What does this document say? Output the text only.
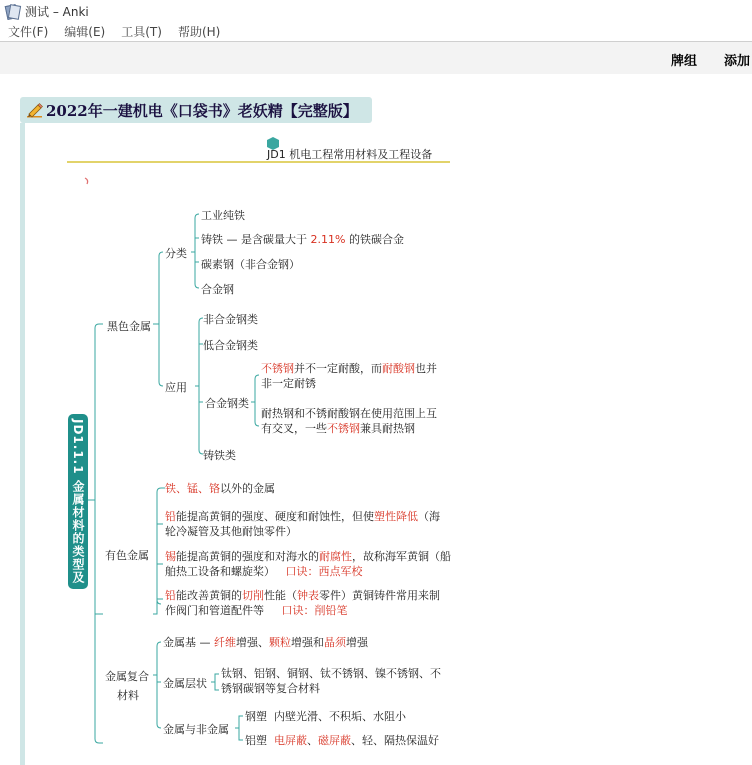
测试 – Anki
文件(F)	编辑(E)	工具(T)	帮助(H)
牌组 添加
2022年一建机电《口袋书》老妖精【完整版】
JD1 机电工程常用材料及工程设备
JD1.1.1 金属材料的类型及应用
黑色金属
分类
工业纯铁
铸铁 — 是含碳量大于 2.11% 的铁碳合金
碳素钢（非合金钢）
合金钢
应用
非合金钢类
低合金钢类
合金钢类
不锈钢并不一定耐酸，而耐酸钢也并
非一定耐锈
耐热钢和不锈耐酸钢在使用范围上互
有交叉，一些不锈钢兼具耐热钢
铸铁类
有色金属
铁、锰、铬以外的金属
铅能提高黄铜的强度、硬度和耐蚀性，但使塑性降低（海
轮冷凝管及其他耐蚀零件）
锡能提高黄铜的强度和对海水的耐腐性，故称海军黄铜（船
舶热工设备和螺旋桨） 口诀：西点军校
铅能改善黄铜的切削性能（钟表零件）黄铜铸件常用来制
作阀门和管道配件等 口诀：削铅笔
金属复合
材料
金属基 — 纤维增强、颗粒增强和晶须增强
金属层状
钛钢、铝钢、铜钢、钛不锈钢、镍不锈钢、不
锈钢碳钢等复合材料
金属与非金属
钢塑 内壁光滑、不积垢、水阻小
铝塑 电屏蔽、磁屏蔽、轻、隔热保温好
